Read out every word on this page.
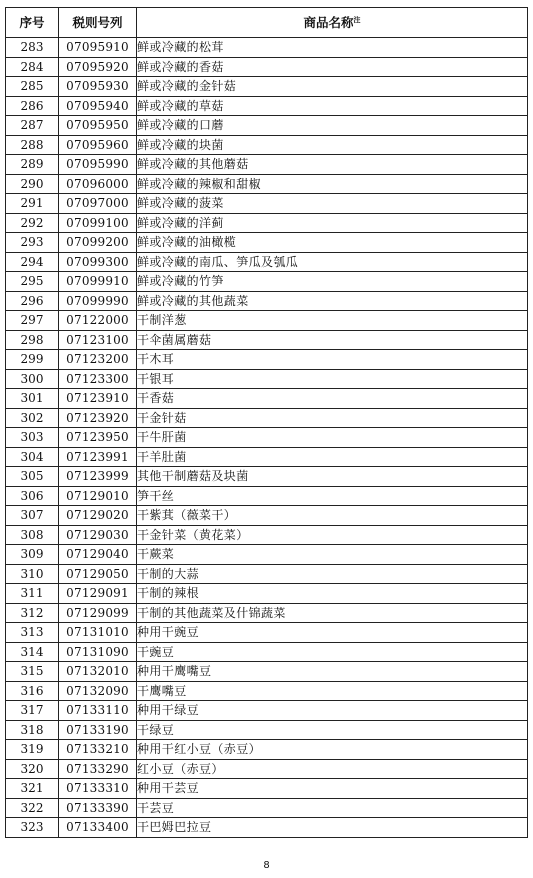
序号	税则号列	商品名称$^注$
283	07095910	鲜或冷藏的松茸
284	07095920	鲜或冷藏的香菇
285	07095930	鲜或冷藏的金针菇
286	07095940	鲜或冷藏的草菇
287	07095950	鲜或冷藏的口蘑
288	07095960	鲜或冷藏的块菌
289	07095990	鲜或冷藏的其他蘑菇
290	07096000	鲜或冷藏的辣椒和甜椒
291	07097000	鲜或冷藏的菠菜
292	07099100	鲜或冷藏的洋蓟
293	07099200	鲜或冷藏的油橄榄
294	07099300	鲜或冷藏的南瓜、笋瓜及瓠瓜
295	07099910	鲜或冷藏的竹笋
296	07099990	鲜或冷藏的其他蔬菜
297	07122000	干制洋葱
298	07123100	干伞菌属蘑菇
299	07123200	干木耳
300	07123300	干银耳
301	07123910	干香菇
302	07123920	干金针菇
303	07123950	干牛肝菌
304	07123991	干羊肚菌
305	07123999	其他干制蘑菇及块菌
306	07129010	笋干丝
307	07129020	干紫萁（薇菜干）
308	07129030	干金针菜（黄花菜）
309	07129040	干蕨菜
310	07129050	干制的大蒜
311	07129091	干制的辣根
312	07129099	干制的其他蔬菜及什锦蔬菜
313	07131010	种用干豌豆
314	07131090	干豌豆
315	07132010	种用干鹰嘴豆
316	07132090	干鹰嘴豆
317	07133110	种用干绿豆
318	07133190	干绿豆
319	07133210	种用干红小豆（赤豆）
320	07133290	红小豆（赤豆）
321	07133310	种用干芸豆
322	07133390	干芸豆
323	07133400	干巴姆巴拉豆
8
